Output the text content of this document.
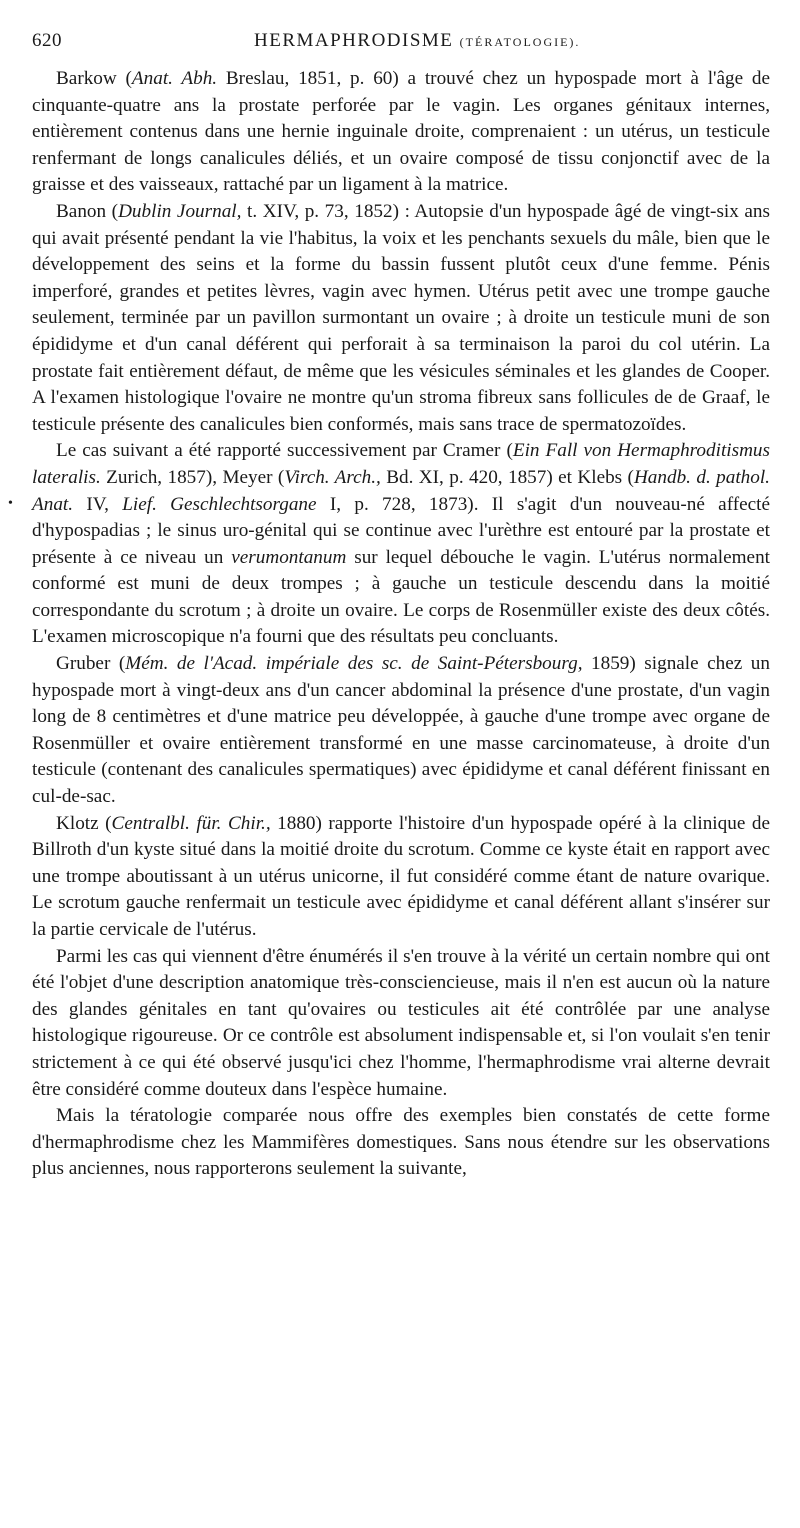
620	HERMAPHRODISME (TÉRATOLOGIE).

Barkow (Anat. Abh. Breslau, 1851, p. 60) a trouvé chez un hypospade mort à l'âge de cinquante-quatre ans la prostate perforée par le vagin. Les organes génitaux internes, entièrement contenus dans une hernie inguinale droite, comprenaient : un utérus, un testicule renfermant de longs canalicules déliés, et un ovaire composé de tissu conjonctif avec de la graisse et des vaisseaux, rattaché par un ligament à la matrice.

Banon (Dublin Journal, t. XIV, p. 73, 1852) : Autopsie d'un hypospade âgé de vingt-six ans qui avait présenté pendant la vie l'habitus, la voix et les penchants sexuels du mâle, bien que le développement des seins et la forme du bassin fussent plutôt ceux d'une femme. Pénis imperforé, grandes et petites lèvres, vagin avec hymen. Utérus petit avec une trompe gauche seulement, terminée par un pavillon surmontant un ovaire ; à droite un testicule muni de son épididyme et d'un canal déférent qui perforait à sa terminaison la paroi du col utérin. La prostate fait entièrement défaut, de même que les vésicules séminales et les glandes de Cooper. A l'examen histologique l'ovaire ne montre qu'un stroma fibreux sans follicules de de Graaf, le testicule présente des canalicules bien conformés, mais sans trace de spermatozoïdes.

Le cas suivant a été rapporté successivement par Cramer (Ein Fall von Hermaphroditismus lateralis. Zurich, 1857), Meyer (Virch. Arch., Bd. XI, p. 420, 1857) et Klebs (Handb. d. pathol. Anat. IV, Lief. Geschlechtsorgane I, p. 728, 1873). Il s'agit d'un nouveau-né affecté d'hypospadias ; le sinus uro-génital qui se continue avec l'urèthre est entouré par la prostate et présente à ce niveau un verumontanum sur lequel débouche le vagin. L'utérus normalement conformé est muni de deux trompes ; à gauche un testicule descendu dans la moitié correspondante du scrotum ; à droite un ovaire. Le corps de Rosenmüller existe des deux côtés. L'examen microscopique n'a fourni que des résultats peu concluants.

Gruber (Mém. de l'Acad. impériale des sc. de Saint-Pétersbourg, 1859) signale chez un hypospade mort à vingt-deux ans d'un cancer abdominal la présence d'une prostate, d'un vagin long de 8 centimètres et d'une matrice peu développée, à gauche d'une trompe avec organe de Rosenmüller et ovaire entièrement transformé en une masse carcinomateuse, à droite d'un testicule (contenant des canalicules spermatiques) avec épididyme et canal déférent finissant en cul-de-sac.

Klotz (Centralbl. für. Chir., 1880) rapporte l'histoire d'un hypospade opéré à la clinique de Billroth d'un kyste situé dans la moitié droite du scrotum. Comme ce kyste était en rapport avec une trompe aboutissant à un utérus unicorne, il fut considéré comme étant de nature ovarique. Le scrotum gauche renfermait un testicule avec épididyme et canal déférent allant s'insérer sur la partie cervicale de l'utérus.

Parmi les cas qui viennent d'être énumérés il s'en trouve à la vérité un certain nombre qui ont été l'objet d'une description anatomique très-consciencieuse, mais il n'en est aucun où la nature des glandes génitales en tant qu'ovaires ou testicules ait été contrôlée par une analyse histologique rigoureuse. Or ce contrôle est absolument indispensable et, si l'on voulait s'en tenir strictement à ce qui été observé jusqu'ici chez l'homme, l'hermaphrodisme vrai alterne devrait être considéré comme douteux dans l'espèce humaine.

Mais la tératologie comparée nous offre des exemples bien constatés de cette forme d'hermaphrodisme chez les Mammifères domestiques. Sans nous étendre sur les observations plus anciennes, nous rapporterons seulement la suivante,

•
